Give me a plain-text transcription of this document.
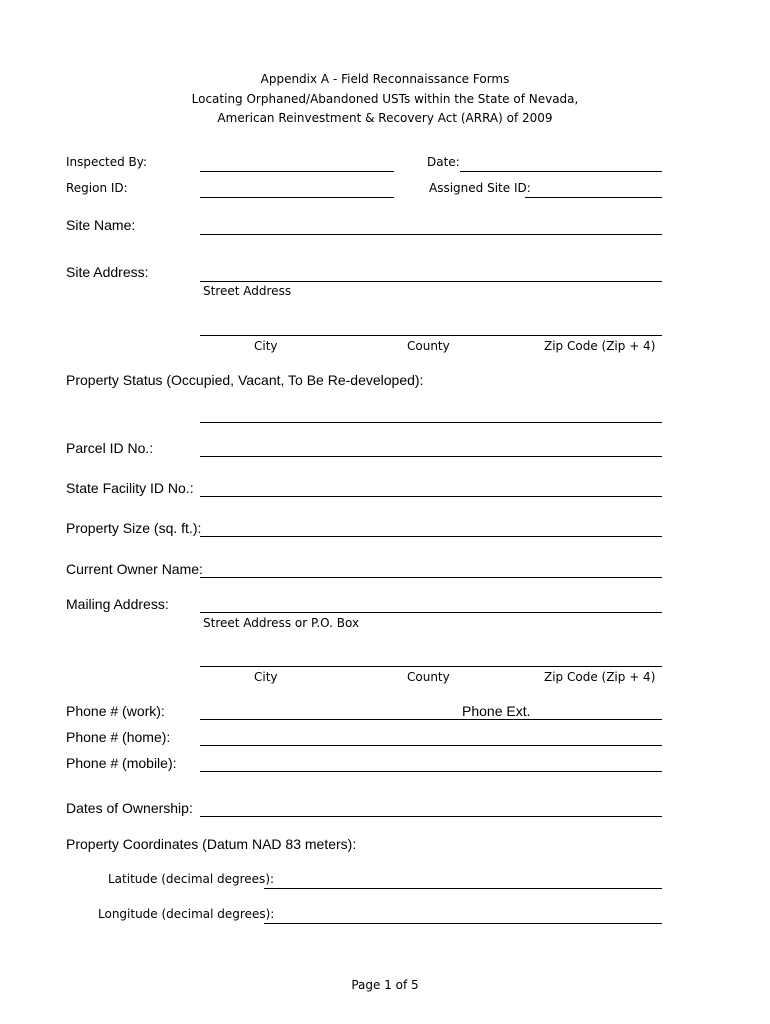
Appendix A - Field Reconnaissance Forms
Locating Orphaned/Abandoned USTs within the State of Nevada,
American Reinvestment & Recovery Act (ARRA) of 2009
Inspected By:	Date:
Region ID:	Assigned Site ID:
Site Name:
Site Address:
Street Address
City	County	Zip Code (Zip + 4)
Property Status (Occupied, Vacant, To Be Re-developed):
Parcel ID No.:
State Facility ID No.:
Property Size (sq. ft.):
Current Owner Name:
Mailing Address:
Street Address or P.O. Box
City	County	Zip Code (Zip + 4)
Phone # (work):	Phone Ext.
Phone # (home):
Phone # (mobile):
Dates of Ownership:
Property Coordinates (Datum NAD 83 meters):
Latitude (decimal degrees):
Longitude (decimal degrees):
Page 1 of 5
